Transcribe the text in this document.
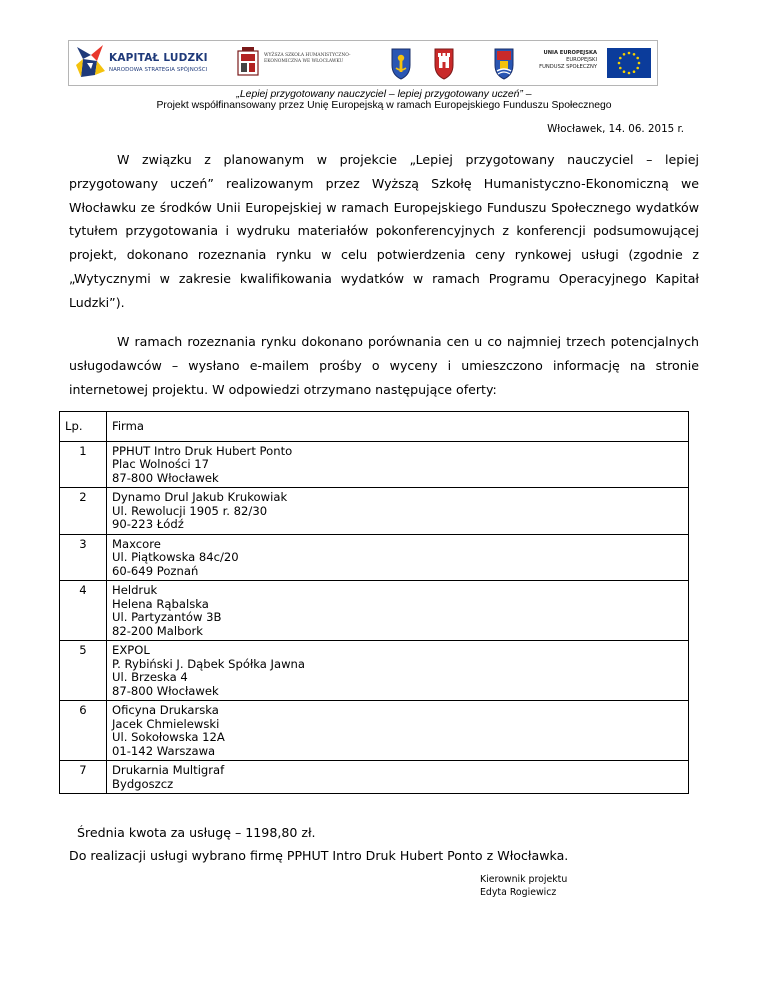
KAPITAŁ LUDZKI
NARODOWA STRATEGIA SPÓJNOŚCI
WYŻSZA SZKOŁA HUMANISTYCZNO-EKONOMICZNA WE WŁOCŁAWKU
UNIA EUROPEJSKA
EUROPEJSKI
FUNDUSZ SPOŁECZNY
„Lepiej przygotowany nauczyciel – lepiej przygotowany uczeń” –
Projekt współfinansowany przez Unię Europejską w ramach Europejskiego Funduszu Społecznego
Włocławek, 14. 06. 2015 r.

W związku z planowanym w projekcie „Lepiej przygotowany nauczyciel – lepiej przygotowany uczeń” realizowanym przez Wyższą Szkołę Humanistyczno-Ekonomiczną we Włocławku ze środków Unii Europejskiej w ramach Europejskiego Funduszu Społecznego wydatków tytułem przygotowania i wydruku materiałów pokonferencyjnych z konferencji podsumowującej projekt, dokonano rozeznania rynku w celu potwierdzenia ceny rynkowej usługi (zgodnie z „Wytycznymi w zakresie kwalifikowania wydatków w ramach Programu Operacyjnego Kapitał Ludzki”).

W ramach rozeznania rynku dokonano porównania cen u co najmniej trzech potencjalnych usługodawców – wysłano e-mailem prośby o wyceny i umieszczono informację na stronie internetowej projektu. W odpowiedzi otrzymano następujące oferty:

Lp.	Firma
1	PPHUT Intro Druk Hubert Ponto
Plac Wolności 17
87-800 Włocławek

2	Dynamo Drul Jakub Krukowiak
Ul. Rewolucji 1905 r. 82/30
90-223 Łódź

3	Maxcore
Ul. Piątkowska 84c/20
60-649 Poznań

4	Heldruk
Helena Rąbalska
Ul. Partyzantów 3B
82-200 Malbork

5	EXPOL
P. Rybiński J. Dąbek Spółka Jawna
Ul. Brzeska 4
87-800 Włocławek

6	Oficyna Drukarska
Jacek Chmielewski
Ul. Sokołowska 12A
01-142 Warszawa

7	Drukarnia Multigraf
Bydgoszcz
Średnia kwota za usługę – 1198,80 zł.
Do realizacji usługi wybrano firmę PPHUT Intro Druk Hubert Ponto z Włocławka.
Kierownik projektu
Edyta Rogiewicz
